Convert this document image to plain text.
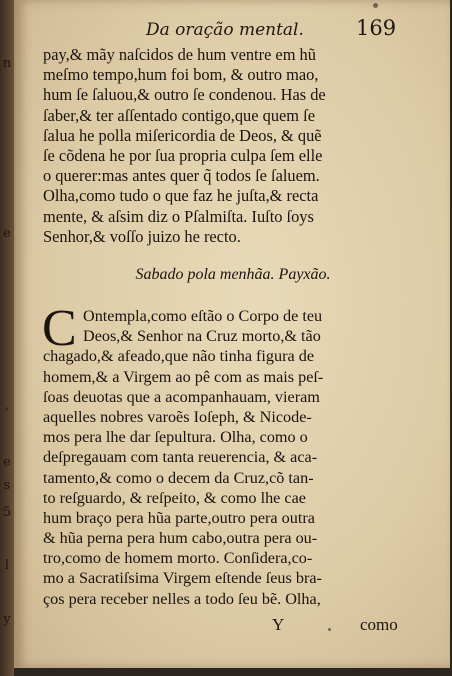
n
e
,
e
s
5
l
y
Da oração mental. 169
pay,& mãy naſcidos de hum ventre em hũ
meſmo tempo,hum foi bom, & outro mao,
hum ſe ſaluou,& outro ſe condenou. Has de
ſaber,& ter aſſentado contigo,que quem ſe
ſalua he polla miſericordia de Deos, & quẽ
ſe cõdena he por ſua propria culpa ſem elle
o querer:mas antes quer q̃ todos ſe ſaluem.
Olha,como tudo o que faz he juſta,& recta
mente, & aſsim diz o Pſalmiſta. Iuſto ſoys
Senhor,& voſſo juizo he recto.
Sabado pola menhãa. Payxão.
C Ontempla,como eſtão o Corpo de teu
Deos,& Senhor na Cruz morto,& tão
chagado,& afeado,que não tinha figura de
homem,& a Virgem ao pê com as mais peſ-
ſoas deuotas que a acompanhauam, vieram
aquelles nobres varoẽs Ioſeph, & Nicode-
mos pera lhe dar ſepultura. Olha, como o
deſpregauam com tanta reuerencia, & aca-
tamento,& como o decem da Cruz,cõ tan-
to reſguardo, & reſpeito, & como lhe cae
hum braço pera hũa parte,outro pera outra
& hũa perna pera hum cabo,outra pera ou-
tro,como de homem morto. Conſidera,co-
mo a Sacratiſsima Virgem eſtende ſeus bra-
ços pera receber nelles a todo ſeu bẽ. Olha,
Y	como
